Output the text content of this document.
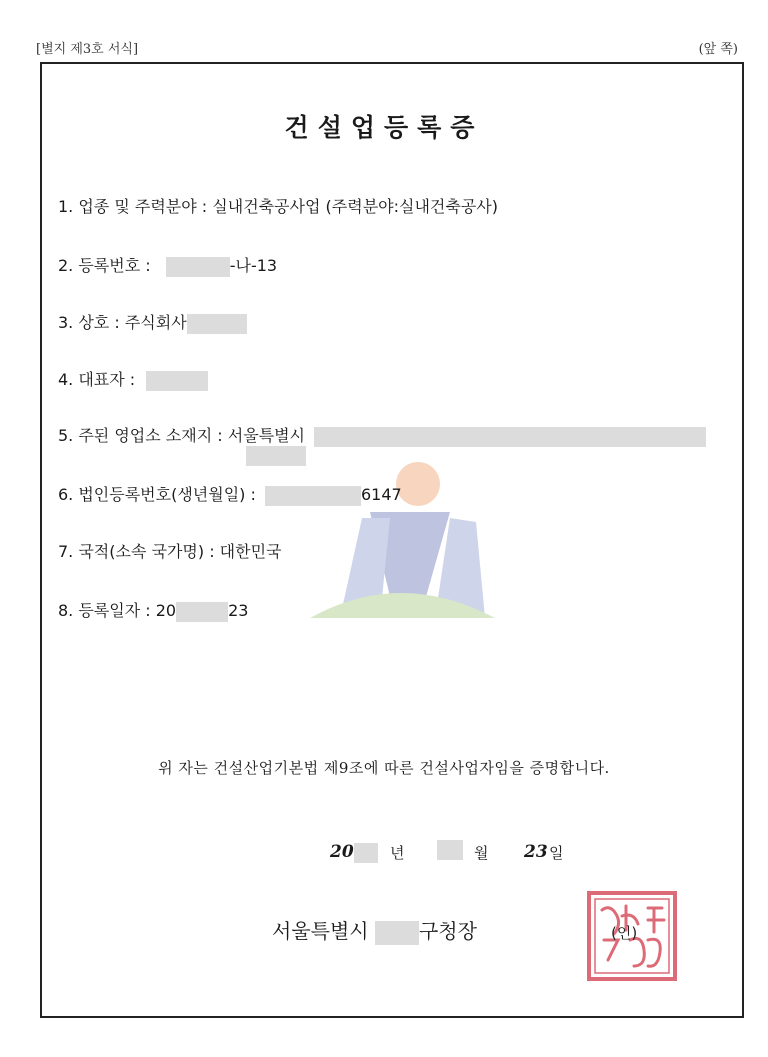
[별지 제3호 서식]	(앞 쪽)
건설업등록증
1. 업종 및 주력분야 : 실내건축공사업 (주력분야:실내건축공사)
2. 등록번호 :	-나-13
3. 상호 : 주식회사
4. 대표자 :
5. 주된 영업소 소재지 : 서울특별시
6. 법인등록번호(생년월일) :	6147
7. 국적(소속 국가명) : 대한민국
8. 등록일자 : 20	23
위 자는 건설산업기본법 제9조에 따른 건설사업자임을 증명합니다.
20 년	월 23 일
서울특별시	구청장	(인)
